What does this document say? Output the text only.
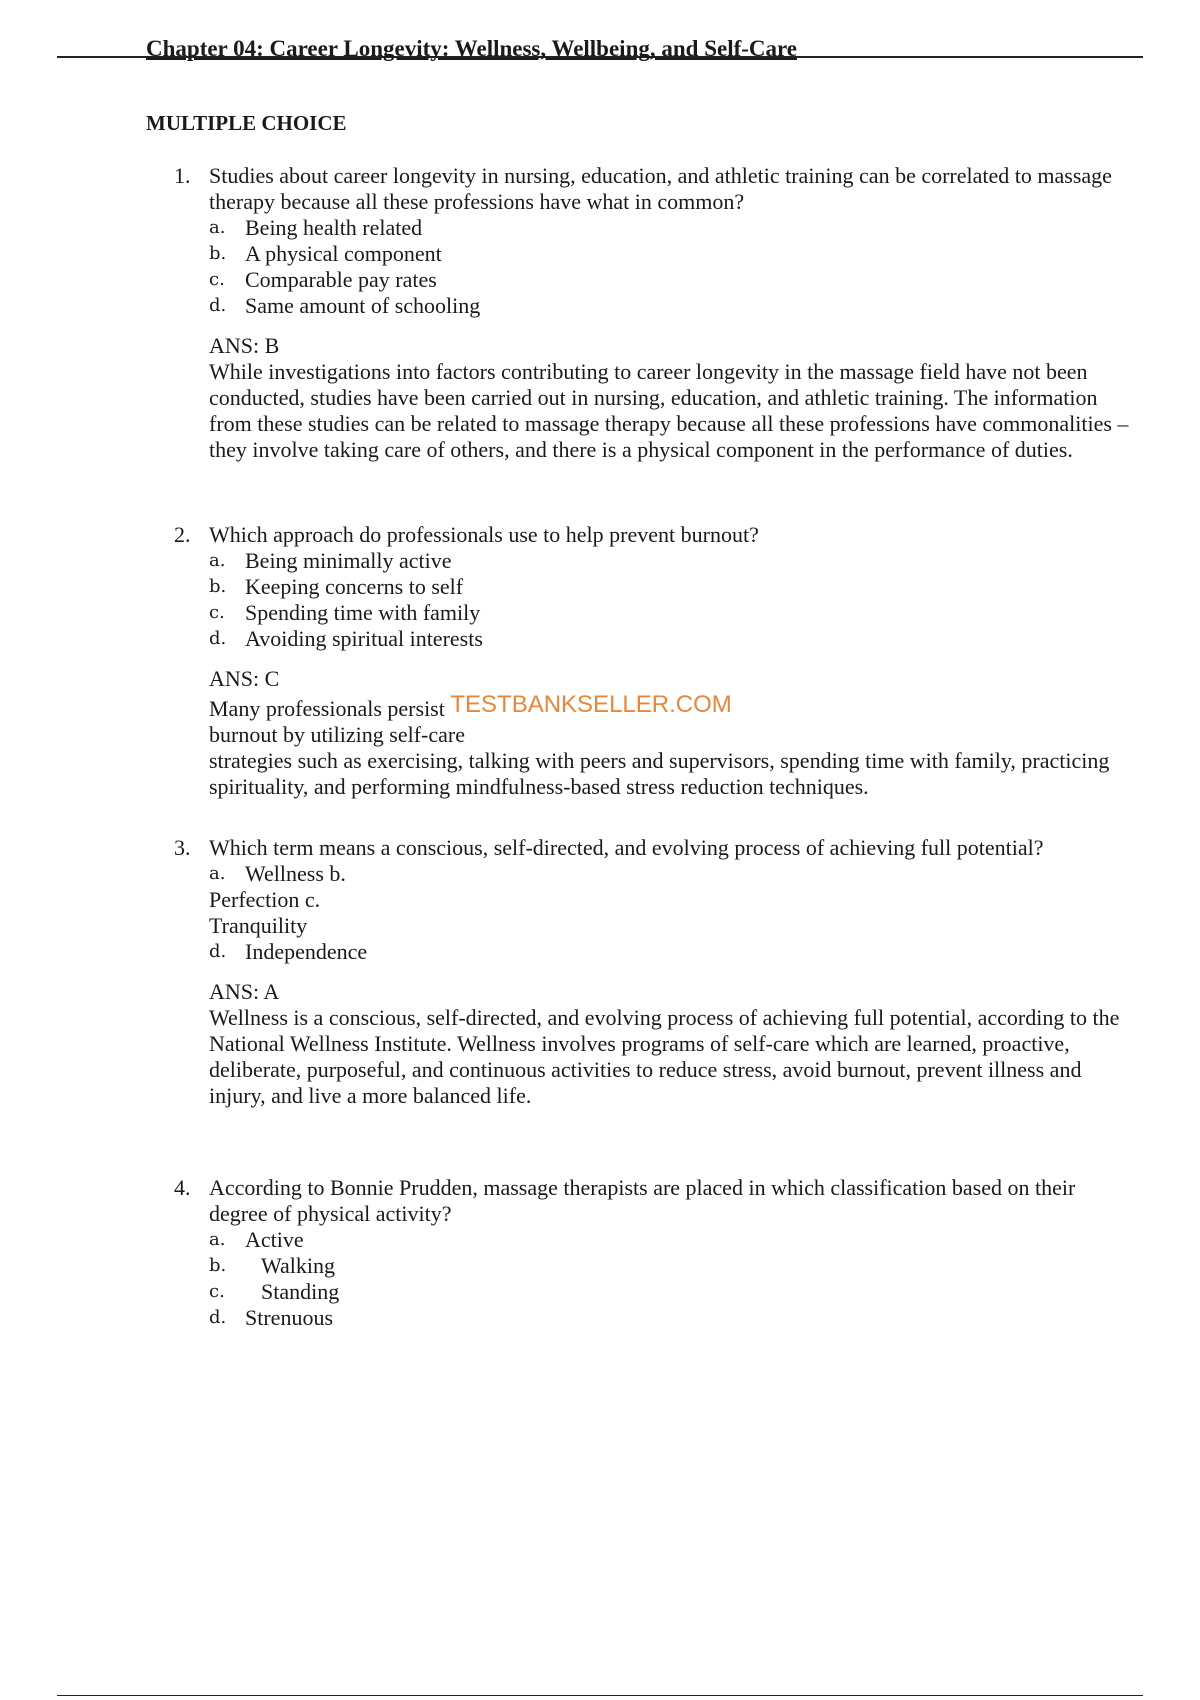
Chapter 04: Career Longevity: Wellness, Wellbeing, and Self-Care
MULTIPLE CHOICE
1. Studies about career longevity in nursing, education, and athletic training can be correlated to massage therapy because all these professions have what in common?
a. Being health related
b. A physical component
c. Comparable pay rates
d. Same amount of schooling
ANS: B
While investigations into factors contributing to career longevity in the massage field have not been conducted, studies have been carried out in nursing, education, and athletic training. The information from these studies can be related to massage therapy because all these professions have commonalities – they involve taking care of others, and there is a physical component in the performance of duties.
2. Which approach do professionals use to help prevent burnout?
a. Being minimally active
b. Keeping concerns to self
c. Spending time with family
d. Avoiding spiritual interests
ANS: C
Many professionals persist TESTBANKSELLER.COM
burnout by utilizing self-care
strategies such as exercising, talking with peers and supervisors, spending time with family, practicing spirituality, and performing mindfulness-based stress reduction techniques.
3. Which term means a conscious, self-directed, and evolving process of achieving full potential?
a. Wellness b.
Perfection c.
Tranquility
d. Independence
ANS: A
Wellness is a conscious, self-directed, and evolving process of achieving full potential, according to the National Wellness Institute. Wellness involves programs of self-care which are learned, proactive, deliberate, purposeful, and continuous activities to reduce stress, avoid burnout, prevent illness and injury, and live a more balanced life.
4. According to Bonnie Prudden, massage therapists are placed in which classification based on their degree of physical activity?
a. Active
b.	Walking
c.	Standing
d. Strenuous
